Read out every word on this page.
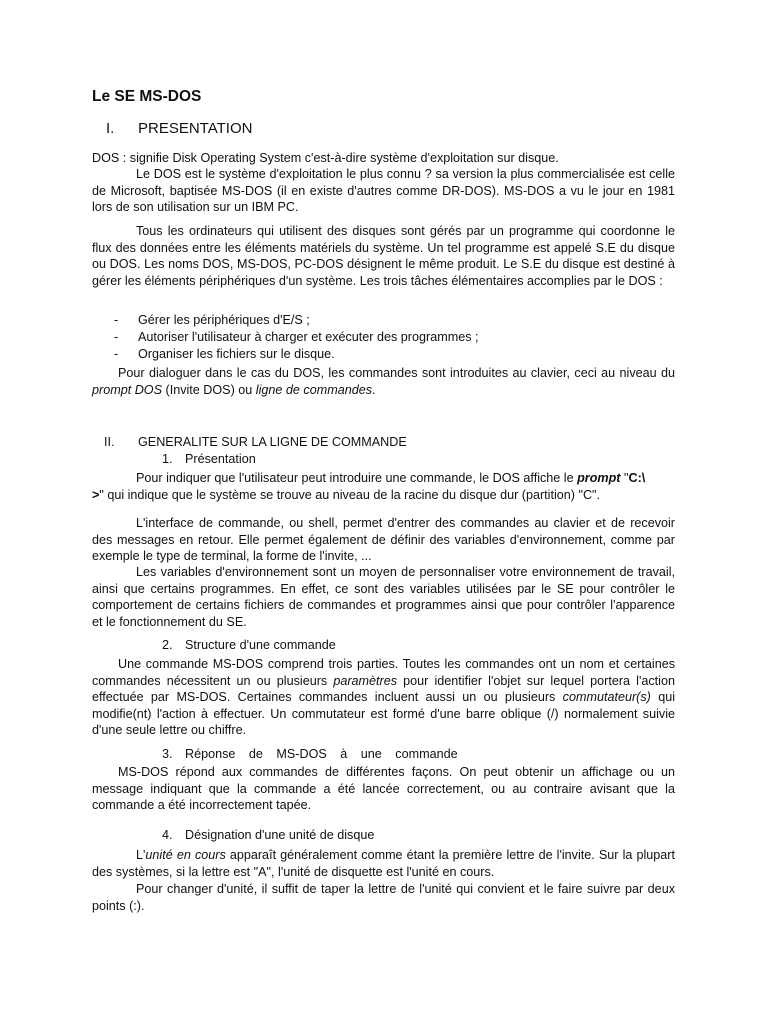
Le SE MS-DOS
I. PRESENTATION
DOS : signifie Disk Operating System c'est-à-dire système d'exploitation sur disque.
Le DOS est le système d'exploitation le plus connu ? sa version la plus commercialisée est celle de Microsoft, baptisée MS-DOS (il en existe d'autres comme DR-DOS). MS-DOS a vu le jour en 1981 lors de son utilisation sur un IBM PC.
Tous les ordinateurs qui utilisent des disques sont gérés par un programme qui coordonne le flux des données entre les éléments matériels du système. Un tel programme est appelé S.E du disque ou DOS. Les noms DOS, MS-DOS, PC-DOS désignent le même produit. Le S.E du disque est destiné à gérer les éléments périphériques d'un système. Les trois tâches élémentaires accomplies par le DOS :
- Gérer les périphériques d'E/S ;
- Autoriser l'utilisateur à charger et exécuter des programmes ;
- Organiser les fichiers sur le disque.
Pour dialoguer dans le cas du DOS, les commandes sont introduites au clavier, ceci au niveau du
prompt DOS (Invite DOS) ou ligne de commandes.
II. GENERALITE SUR LA LIGNE DE COMMANDE
1. Présentation
Pour indiquer que l'utilisateur peut introduire une commande, le DOS affiche le prompt "C:\
>" qui indique que le système se trouve au niveau de la racine du disque dur (partition) "C".
L'interface de commande, ou shell, permet d'entrer des commandes au clavier et de recevoir des messages en retour. Elle permet également de définir des variables d'environnement, comme par exemple le type de terminal, la forme de l'invite, ...
Les variables d'environnement sont un moyen de personnaliser votre environnement de travail, ainsi que certains programmes. En effet, ce sont des variables utilisées par le SE pour contrôler le comportement de certains fichiers de commandes et programmes ainsi que pour contrôler l'apparence et le fonctionnement du SE.
2. Structure d'une commande
Une commande MS-DOS comprend trois parties. Toutes les commandes ont un nom et certaines commandes nécessitent un ou plusieurs paramètres pour identifier l'objet sur lequel portera l'action effectuée par MS-DOS. Certaines commandes incluent aussi un ou plusieurs commutateur(s) qui modifie(nt) l'action à effectuer. Un commutateur est formé d'une barre oblique (/) normalement suivie d'une seule lettre ou chiffre.
3. Réponse de MS-DOS à une commande
MS-DOS répond aux commandes de différentes façons. On peut obtenir un affichage ou un message indiquant que la commande a été lancée correctement, ou au contraire avisant que la commande a été incorrectement tapée.
4. Désignation d'une unité de disque
L'unité en cours apparaît généralement comme étant la première lettre de l'invite. Sur la plupart des systèmes, si la lettre est "A", l'unité de disquette est l'unité en cours.
Pour changer d'unité, il suffit de taper la lettre de l'unité qui convient et le faire suivre par deux points (:).
